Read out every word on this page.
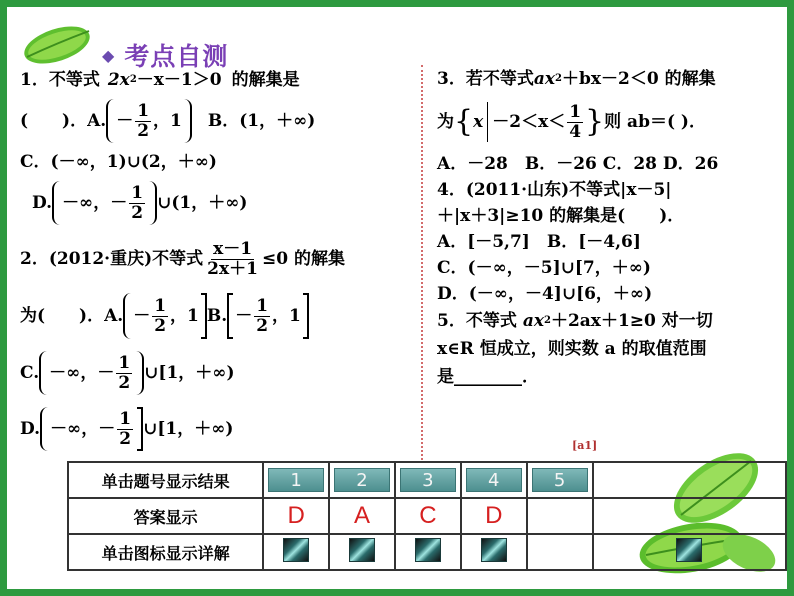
◆ 考点自测
1．不等式 2x 2 －x－1＞0 的解集是
(　　)．A. － $\frac{1}{2}$ ，1 B．(1，＋∞)
C．(－∞，1)∪(2，＋∞)
D. －∞，－ $\frac{1}{2}$ ∪(1，＋∞)
2．(2012·重庆)不等式 $\frac{x-1}{2x+1} \le 0$ 的解集
为(　　)．A. － $\frac{1}{2}$ ，1 B. － $\frac{1}{2}$ ，1
C. －∞，－ $\frac{1}{2}$ ∪[1，＋∞)
D. －∞，－ $\frac{1}{2}$ ∪[1，＋∞)
3．若不等式 ax 2 ＋bx－2＜0 的解集
为 { $x -2<x< \frac{1}{4}$ } 则 ab＝( )．
A．－28　B．－26 C．28 D．26
4．(2011·山东)不等式|x－5|
＋|x＋3|≥10 的解集是(　　)．
A．[－5,7]　B．[－4,6]
C．(－∞，－5]∪[7，＋∞)
D．(－∞，－4]∪[6，＋∞)
5．不等式 ax 2 ＋2ax＋1≥0 对一切
x∈R 恒成立，则实数 a 的取值范围
是________．
[a1]
单击题号显示结果	1	2	3	4	5	
答案显示	D	A	C	D		
单击图标显示详解						
